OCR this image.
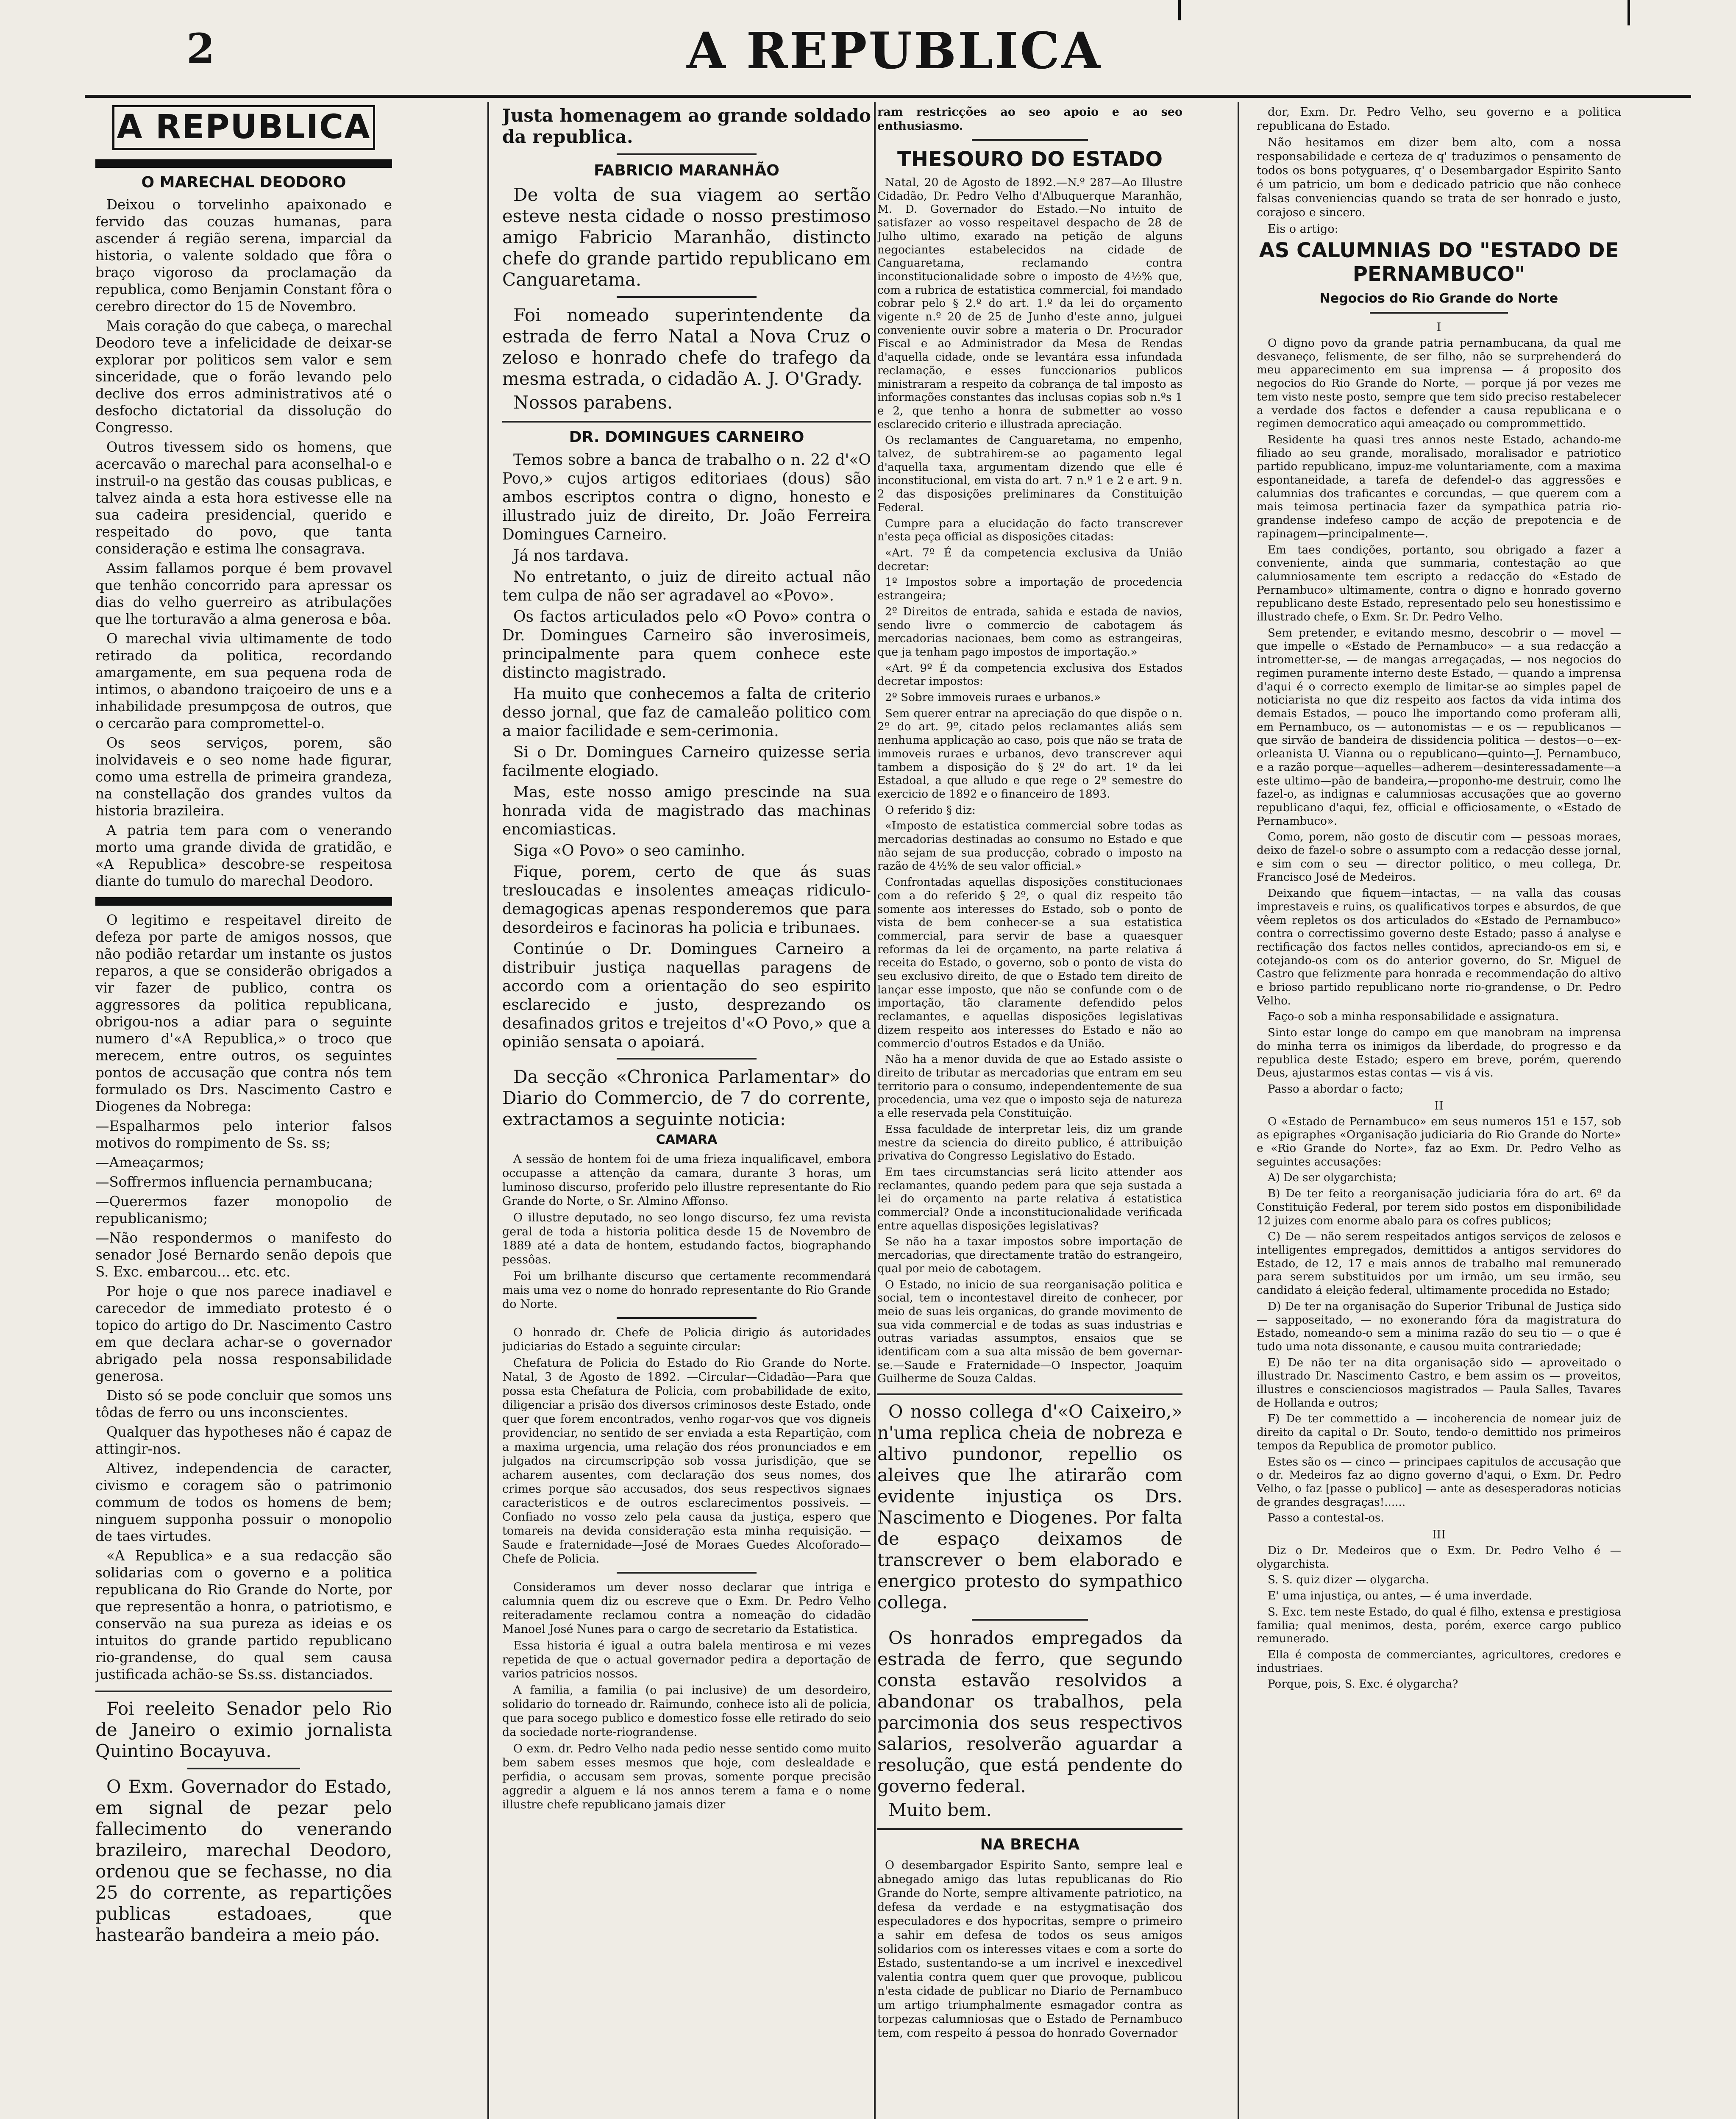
2	A REPUBLICA
A REPUBLICA
O MARECHAL DEODORO

Deixou o torvelinho apaixonado e fervido das couzas humanas, para ascender á região serena, imparcial da historia, o valente soldado que fôra o braço vigoroso da proclamação da republica, como Benjamin Constant fôra o cerebro director do 15 de Novembro.

Mais coração do que cabeça, o marechal Deodoro teve a infelicidade de deixar-se explorar por politicos sem valor e sem sinceridade, que o forão levando pelo declive dos erros administrativos até o desfocho dictatorial da dissolução do Congresso.

Outros tivessem sido os homens, que acercavão o marechal para aconselhal-o e instruil-o na gestão das cousas publicas, e talvez ainda a esta hora estivesse elle na sua cadeira presidencial, querido e respeitado do povo, que tanta consideração e estima lhe consagrava.

Assim fallamos porque é bem provavel que tenhão concorrido para apressar os dias do velho guerreiro as atribulações que lhe torturavão a alma generosa e bôa.

O marechal vivia ultimamente de todo retirado da politica, recordando amargamente, em sua pequena roda de intimos, o abandono traiçoeiro de uns e a inhabilidade presumpçosa de outros, que o cercarão para compromettel-o.

Os seos serviços, porem, são inolvidaveis e o seo nome hade figurar, como uma estrella de primeira grandeza, na constellação dos grandes vultos da historia brazileira.

A patria tem para com o venerando morto uma grande divida de gratidão, e «A Republica» descobre-se respeitosa diante do tumulo do marechal Deodoro.

O legitimo e respeitavel direito de defeza por parte de amigos nossos, que não podião retardar um instante os justos reparos, a que se considerão obrigados a vir fazer de publico, contra os aggressores da politica republicana, obrigou-nos a adiar para o seguinte numero d'«A Republica,» o troco que merecem, entre outros, os seguintes pontos de accusação que contra nós tem formulado os Drs. Nascimento Castro e Diogenes da Nobrega:

—Espalharmos pelo interior falsos motivos do rompimento de Ss. ss;

—Ameaçarmos;

—Soffrermos influencia pernambucana;

—Querermos fazer monopolio de republicanismo;

—Não respondermos o manifesto do senador José Bernardo senão depois que S. Exc. embarcou... etc. etc.

Por hoje o que nos parece inadiavel e carecedor de immediato protesto é o topico do artigo do Dr. Nascimento Castro em que declara achar-se o governador abrigado pela nossa responsabilidade generosa.

Disto só se pode concluir que somos uns tôdas de ferro ou uns inconscientes.

Qualquer das hypotheses não é capaz de attingir-nos.

Altivez, independencia de caracter, civismo e coragem são o patrimonio commum de todos os homens de bem; ninguem supponha possuir o monopolio de taes virtudes.

«A Republica» e a sua redacção são solidarias com o governo e a politica republicana do Rio Grande do Norte, por que representão a honra, o patriotismo, e conservão na sua pureza as ideias e os intuitos do grande partido republicano rio-grandense, do qual sem causa justificada achão-se Ss.ss. distanciados.

Foi reeleito Senador pelo Rio de Janeiro o eximio jornalista Quintino Bocayuva.

O Exm. Governador do Estado, em signal de pezar pelo fallecimento do venerando brazileiro, marechal Deodoro, ordenou que se fechasse, no dia 25 do corrente, as repartições publicas estadoaes, que hastearão bandeira a meio páo.

Justa homenagem ao grande soldado da republica.

FABRICIO MARANHÃO

De volta de sua viagem ao sertão esteve nesta cidade o nosso prestimoso amigo Fabricio Maranhão, distincto chefe do grande partido republicano em Canguaretama.

Foi nomeado superintendente da estrada de ferro Natal a Nova Cruz o zeloso e honrado chefe do trafego da mesma estrada, o cidadão A. J. O'Grady.

Nossos parabens.

DR. DOMINGUES CARNEIRO

Temos sobre a banca de trabalho o n. 22 d'«O Povo,» cujos artigos editoriaes (dous) são ambos escriptos contra o digno, honesto e illustrado juiz de direito, Dr. João Ferreira Domingues Carneiro.

Já nos tardava.

No entretanto, o juiz de direito actual não tem culpa de não ser agradavel ao «Povo».

Os factos articulados pelo «O Povo» contra o Dr. Domingues Carneiro são inverosimeis, principalmente para quem conhece este distincto magistrado.

Ha muito que conhecemos a falta de criterio desso jornal, que faz de camaleão politico com a maior facilidade e sem-cerimonia.

Si o Dr. Domingues Carneiro quizesse seria facilmente elogiado.

Mas, este nosso amigo prescinde na sua honrada vida de magistrado das machinas encomiasticas.

Siga «O Povo» o seo caminho.

Fique, porem, certo de que ás suas tresloucadas e insolentes ameaças ridiculo-demagogicas apenas responderemos que para desordeiros e facinoras ha policia e tribunaes.

Continúe o Dr. Domingues Carneiro a distribuir justiça naquellas paragens de accordo com a orientação do seo espirito esclarecido e justo, desprezando os desafinados gritos e trejeitos d'«O Povo,» que a opinião sensata o apoiará.

Da secção «Chronica Parlamentar» do Diario do Commercio, de 7 do corrente, extractamos a seguinte noticia:

CAMARA

A sessão de hontem foi de uma frieza inqualificavel, embora occupasse a attenção da camara, durante 3 horas, um luminoso discurso, proferido pelo illustre representante do Rio Grande do Norte, o Sr. Almino Affonso.

O illustre deputado, no seo longo discurso, fez uma revista geral de toda a historia politica desde 15 de Novembro de 1889 até a data de hontem, estudando factos, biographando pessôas.

Foi um brilhante discurso que certamente recommendará mais uma vez o nome do honrado representante do Rio Grande do Norte.

O honrado dr. Chefe de Policia dirigio ás autoridades judiciarias do Estado a seguinte circular:

Chefatura de Policia do Estado do Rio Grande do Norte. Natal, 3 de Agosto de 1892. —Circular—Cidadão—Para que possa esta Chefatura de Policia, com probabilidade de exito, diligenciar a prisão dos diversos criminosos deste Estado, onde quer que forem encontrados, venho rogar-vos que vos digneis providenciar, no sentido de ser enviada a esta Repartição, com a maxima urgencia, uma relação dos réos pronunciados e em julgados na circumscripção sob vossa jurisdição, que se acharem ausentes, com declaração dos seus nomes, dos crimes porque são accusados, dos seus respectivos signaes caracteristicos e de outros esclarecimentos possiveis. —Confiado no vosso zelo pela causa da justiça, espero que tomareis na devida consideração esta minha requisição. —Saude e fraternidade—José de Moraes Guedes Alcoforado—Chefe de Policia.

Consideramos um dever nosso declarar que intriga e calumnia quem diz ou escreve que o Exm. Dr. Pedro Velho reiteradamente reclamou contra a nomeação do cidadão Manoel José Nunes para o cargo de secretario da Estatistica.

Essa historia é igual a outra balela mentirosa e mi vezes repetida de que o actual governador pedira a deportação de varios patricios nossos.

A familia, a familia (o pai inclusive) de um desordeiro, solidario do torneado dr. Raimundo, conhece isto ali de policia, que para socego publico e domestico fosse elle retirado do seio da sociedade norte-riograndense.

O exm. dr. Pedro Velho nada pedio nesse sentido como muito bem sabem esses mesmos que hoje, com deslealdade e perfidia, o accusam sem provas, somente porque precisão aggredir a alguem e lá nos annos terem a fama e o nome illustre chefe republicano jamais dizer

ram restricções ao seo apoio e ao seo enthusiasmo.

THESOURO DO ESTADO

Natal, 20 de Agosto de 1892.—N.º 287—Ao Illustre Cidadão, Dr. Pedro Velho d'Albuquerque Maranhão, M. D. Governador do Estado.—No intuito de satisfazer ao vosso respeitavel despacho de 28 de Julho ultimo, exarado na petição de alguns negociantes estabelecidos na cidade de Canguaretama, reclamando contra inconstitucionalidade sobre o imposto de 4½% que, com a rubrica de estatistica commercial, foi mandado cobrar pelo § 2.º do art. 1.º da lei do orçamento vigente n.º 20 de 25 de Junho d'este anno, julguei conveniente ouvir sobre a materia o Dr. Procurador Fiscal e ao Administrador da Mesa de Rendas d'aquella cidade, onde se levantára essa infundada reclamação, e esses funccionarios publicos ministraram a respeito da cobrança de tal imposto as informações constantes das inclusas copias sob n.ºs 1 e 2, que tenho a honra de submetter ao vosso esclarecido criterio e illustrada apreciação.

Os reclamantes de Canguaretama, no empenho, talvez, de subtrahirem-se ao pagamento legal d'aquella taxa, argumentam dizendo que elle é inconstitucional, em vista do art. 7 n.º 1 e 2 e art. 9 n. 2 das disposições preliminares da Constituição Federal.

Cumpre para a elucidação do facto transcrever n'esta peça official as disposições citadas:

«Art. 7º É da competencia exclusiva da União decretar:

1º Impostos sobre a importação de procedencia estrangeira;

2º Direitos de entrada, sahida e estada de navios, sendo livre o commercio de cabotagem ás mercadorias nacionaes, bem como as estrangeiras, que ja tenham pago impostos de importação.»

«Art. 9º É da competencia exclusiva dos Estados decretar impostos:

2º Sobre immoveis ruraes e urbanos.»

Sem querer entrar na apreciação do que dispõe o n. 2º do art. 9º, citado pelos reclamantes aliás sem nenhuma applicação ao caso, pois que não se trata de immoveis ruraes e urbanos, devo transcrever aqui tambem a disposição do § 2º do art. 1º da lei Estadoal, a que alludo e que rege o 2º semestre do exercicio de 1892 e o financeiro de 1893.

O referido § diz:

«Imposto de estatistica commercial sobre todas as mercadorias destinadas ao consumo no Estado e que não sejam de sua producção, cobrado o imposto na razão de 4½% de seu valor official.»

Confrontadas aquellas disposições constitucionaes com a do referido § 2º, o qual diz respeito tão somente aos interesses do Estado, sob o ponto de vista de bem conhecer-se a sua estatistica commercial, para servir de base a quaesquer reformas da lei de orçamento, na parte relativa á receita do Estado, o governo, sob o ponto de vista do seu exclusivo direito, de que o Estado tem direito de lançar esse imposto, que não se confunde com o de importação, tão claramente defendido pelos reclamantes, e aquellas disposições legislativas dizem respeito aos interesses do Estado e não ao commercio d'outros Estados e da União.

Não ha a menor duvida de que ao Estado assiste o direito de tributar as mercadorias que entram em seu territorio para o consumo, independentemente de sua procedencia, uma vez que o imposto seja de natureza a elle reservada pela Constituição.

Essa faculdade de interpretar leis, diz um grande mestre da sciencia do direito publico, é attribuição privativa do Congresso Legislativo do Estado.

Em taes circumstancias será licito attender aos reclamantes, quando pedem para que seja sustada a lei do orçamento na parte relativa á estatistica commercial? Onde a inconstitucionalidade verificada entre aquellas disposições legislativas?

Se não ha a taxar impostos sobre importação de mercadorias, que directamente tratão do estrangeiro, qual por meio de cabotagem.

O Estado, no inicio de sua reorganisação politica e social, tem o incontestavel direito de conhecer, por meio de suas leis organicas, do grande movimento de sua vida commercial e de todas as suas industrias e outras variadas assumptos, ensaios que se identificam com a sua alta missão de bem governar-se.—Saude e Fraternidade—O Inspector, Joaquim Guilherme de Souza Caldas.

O nosso collega d'«O Caixeiro,» n'uma replica cheia de nobreza e altivo pundonor, repellio os aleives que lhe atirarão com evidente injustiça os Drs. Nascimento e Diogenes. Por falta de espaço deixamos de transcrever o bem elaborado e energico protesto do sympathico collega.

Os honrados empregados da estrada de ferro, que segundo consta estavão resolvidos a abandonar os trabalhos, pela parcimonia dos seus respectivos salarios, resolverão aguardar a resolução, que está pendente do governo federal.

Muito bem.

NA BRECHA

O desembargador Espirito Santo, sempre leal e abnegado amigo das lutas republicanas do Rio Grande do Norte, sempre altivamente patriotico, na defesa da verdade e na estygmatisação dos especuladores e dos hypocritas, sempre o primeiro a sahir em defesa de todos os seus amigos solidarios com os interesses vitaes e com a sorte do Estado, sustentando-se a um incrivel e inexcedivel valentia contra quem quer que provoque, publicou n'esta cidade de publicar no Diario de Pernambuco um artigo triumphalmente esmagador contra as torpezas calumniosas que o Estado de Pernambuco tem, com respeito á pessoa do honrado Governador

dor, Exm. Dr. Pedro Velho, seu governo e a politica republicana do Estado.

Não hesitamos em dizer bem alto, com a nossa responsabilidade e certeza de q' traduzimos o pensamento de todos os bons potyguares, q' o Desembargador Espirito Santo é um patricio, um bom e dedicado patricio que não conhece falsas conveniencias quando se trata de ser honrado e justo, corajoso e sincero.

Eis o artigo:

AS CALUMNIAS DO "ESTADO DE PERNAMBUCO"
Negocios do Rio Grande do Norte

I

O digno povo da grande patria pernambucana, da qual me desvaneço, felismente, de ser filho, não se surprehenderá do meu apparecimento em sua imprensa — á proposito dos negocios do Rio Grande do Norte, — porque já por vezes me tem visto neste posto, sempre que tem sido preciso restabelecer a verdade dos factos e defender a causa republicana e o regimen democratico aqui ameaçado ou comprommettido.

Residente ha quasi tres annos neste Estado, achando-me filiado ao seu grande, moralisado, moralisador e patriotico partido republicano, impuz-me voluntariamente, com a maxima espontaneidade, a tarefa de defendel-o das aggressões e calumnias dos traficantes e corcundas, — que querem com a mais teimosa pertinacia fazer da sympathica patria rio-grandense indefeso campo de acção de prepotencia e de rapinagem—principalmente—.

Em taes condições, portanto, sou obrigado a fazer a conveniente, ainda que summaria, contestação ao que calumniosamente tem escripto a redacção do «Estado de Pernambuco» ultimamente, contra o digno e honrado governo republicano deste Estado, representado pelo seu honestissimo e illustrado chefe, o Exm. Sr. Dr. Pedro Velho.

Sem pretender, e evitando mesmo, descobrir o — movel — que impelle o «Estado de Pernambuco» — a sua redacção a intrometter-se, — de mangas arregaçadas, — nos negocios do regimen puramente interno deste Estado, — quando a imprensa d'aqui é o correcto exemplo de limitar-se ao simples papel de noticiarista no que diz respeito aos factos da vida intima dos demais Estados, — pouco lhe importando como proferam alli, em Pernambuco, os — autonomistas — e os — republicanos — que sirvão de bandeira de dissidencia politica — destos—o—ex-orleanista U. Vianna ou o republicano—quinto—J. Pernambuco, e a razão porque—aquelles—adherem—desinteressadamente—a este ultimo—pão de bandeira,—proponho-me destruir, como lhe fazel-o, as indignas e calumniosas accusações que ao governo republicano d'aqui, fez, official e officiosamente, o «Estado de Pernambuco».

Como, porem, não gosto de discutir com — pessoas moraes, deixo de fazel-o sobre o assumpto com a redacção desse jornal, e sim com o seu — director politico, o meu collega, Dr. Francisco José de Medeiros.

Deixando que fiquem—intactas, — na valla das cousas imprestaveis e ruins, os qualificativos torpes e absurdos, de que vêem repletos os dos articulados do «Estado de Pernambuco» contra o correctissimo governo deste Estado; passo á analyse e rectificação dos factos nelles contidos, apreciando-os em si, e cotejando-os com os do anterior governo, do Sr. Miguel de Castro que felizmente para honrada e recommendação do altivo e brioso partido republicano norte rio-grandense, o Dr. Pedro Velho.

Faço-o sob a minha responsabilidade e assignatura.

Sinto estar longe do campo em que manobram na imprensa do minha terra os inimigos da liberdade, do progresso e da republica deste Estado; espero em breve, porém, querendo Deus, ajustarmos estas contas — vis á vis.

Passo a abordar o facto;

II

O «Estado de Pernambuco» em seus numeros 151 e 157, sob as epigraphes «Organisação judiciaria do Rio Grande do Norte» e «Rio Grande do Norte», faz ao Exm. Dr. Pedro Velho as seguintes accusações:

A) De ser olygarchista;

B) De ter feito a reorganisação judiciaria fóra do art. 6º da Constituição Federal, por terem sido postos em disponibilidade 12 juizes com enorme abalo para os cofres publicos;

C) De — não serem respeitados antigos serviços de zelosos e intelligentes empregados, demittidos a antigos servidores do Estado, de 12, 17 e mais annos de trabalho mal remunerado para serem substituidos por um irmão, um seu irmão, seu candidato á eleição federal, ultimamente procedida no Estado;

D) De ter na organisação do Superior Tribunal de Justiça sido — sapposeitado, — no exonerando fóra da magistratura do Estado, nomeando-o sem a minima razão do seu tio — o que é tudo uma nota dissonante, e causou muita contrariedade;

E) De não ter na dita organisação sido — aproveitado o illustrado Dr. Nascimento Castro, e bem assim os — proveitos, illustres e conscienciosos magistrados — Paula Salles, Tavares de Hollanda e outros;

F) De ter commettido a — incoherencia de nomear juiz de direito da capital o Dr. Souto, tendo-o demittido nos primeiros tempos da Republica de promotor publico.

Estes são os — cinco — principaes capitulos de accusação que o dr. Medeiros faz ao digno governo d'aqui, o Exm. Dr. Pedro Velho, o faz [passe o publico] — ante as desesperadoras noticias de grandes desgraças!......

Passo a contestal-os.

III

Diz o Dr. Medeiros que o Exm. Dr. Pedro Velho é — olygarchista.

S. S. quiz dizer — olygarcha.

E' uma injustiça, ou antes, — é uma inverdade.

S. Exc. tem neste Estado, do qual é filho, extensa e prestigiosa familia; qual menimos, desta, porém, exerce cargo publico remunerado.

Ella é composta de commerciantes, agricultores, credores e industriaes.

Porque, pois, S. Exc. é olygarcha?
